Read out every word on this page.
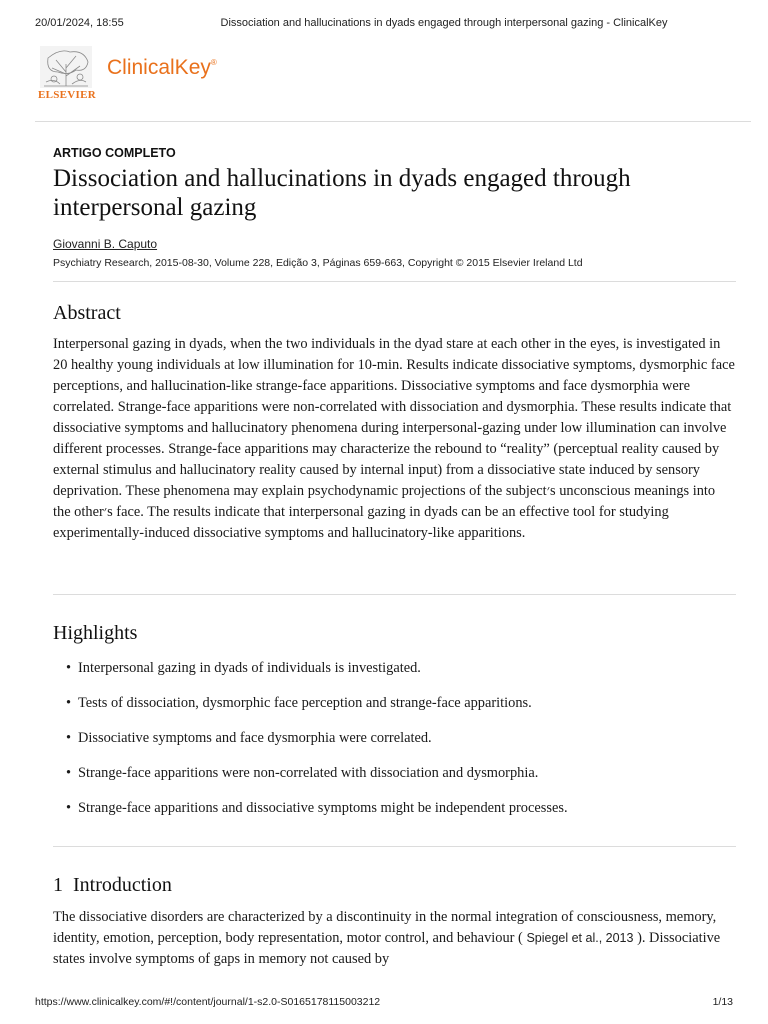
20/01/2024, 18:55	Dissociation and hallucinations in dyads engaged through interpersonal gazing - ClinicalKey
ELSEVIER
ClinicalKey®
ARTIGO COMPLETO
Dissociation and hallucinations in dyads engaged through interpersonal gazing
Giovanni B. Caputo
Psychiatry Research, 2015-08-30, Volume 228, Edição 3, Páginas 659-663, Copyright © 2015 Elsevier Ireland Ltd
Abstract

Interpersonal gazing in dyads, when the two individuals in the dyad stare at each other in the eyes, is investigated in 20 healthy young individuals at low illumination for 10-min. Results indicate dissociative symptoms, dysmorphic face perceptions, and hallucination-like strange-face apparitions. Dissociative symptoms and face dysmorphia were correlated. Strange-face apparitions were non-correlated with dissociation and dysmorphia. These results indicate that dissociative symptoms and hallucinatory phenomena during interpersonal-gazing under low illumination can involve different processes. Strange-face apparitions may characterize the rebound to “reality” (perceptual reality caused by external stimulus and hallucinatory reality caused by internal input) from a dissociative state induced by sensory deprivation. These phenomena may explain psychodynamic projections of the subject׳s unconscious meanings into the other׳s face. The results indicate that interpersonal gazing in dyads can be an effective tool for studying experimentally-induced dissociative symptoms and hallucinatory-like apparitions.

Highlights
• Interpersonal gazing in dyads of individuals is investigated.
• Tests of dissociation, dysmorphic face perception and strange-face apparitions.
• Dissociative symptoms and face dysmorphia were correlated.
• Strange-face apparitions were non-correlated with dissociation and dysmorphia.
• Strange-face apparitions and dissociative symptoms might be independent processes.
1 Introduction

The dissociative disorders are characterized by a discontinuity in the normal integration of consciousness, memory, identity, emotion, perception, body representation, motor control, and behaviour ( Spiegel et al., 2013 ). Dissociative states involve symptoms of gaps in memory not caused by

https://www.clinicalkey.com/#!/content/journal/1-s2.0-S0165178115003212	1/13
